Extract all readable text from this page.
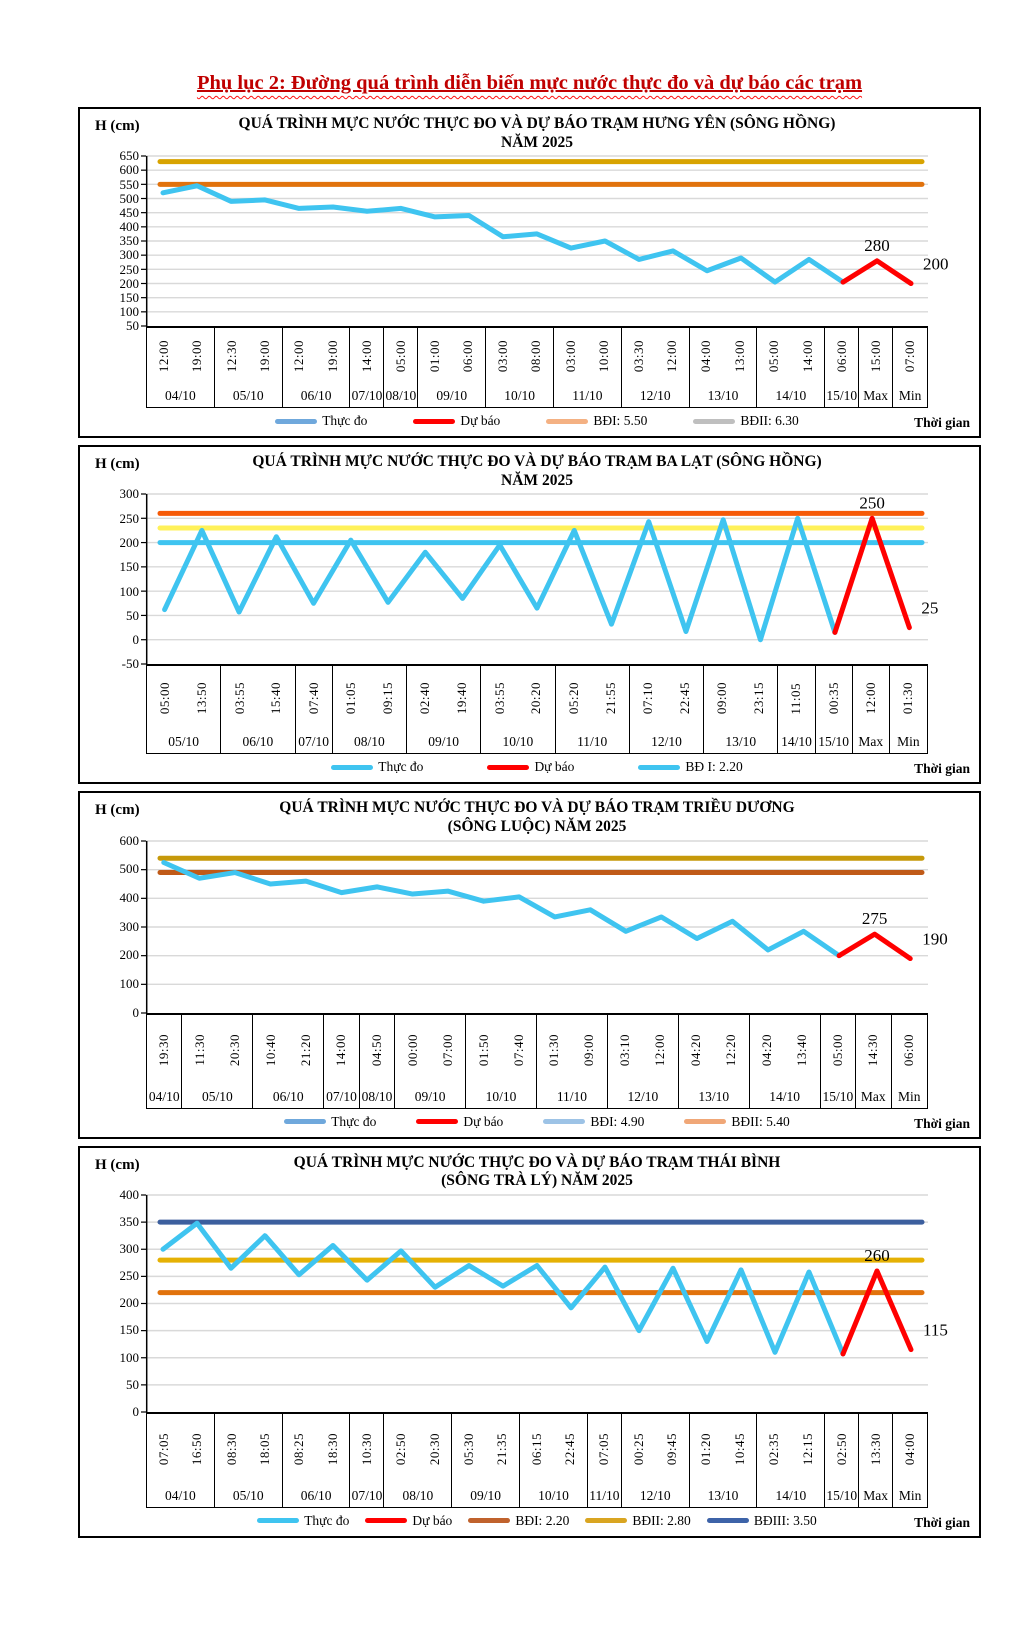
Phụ lục 2: Đường quá trình diễn biến mực nước thực đo và dự báo các trạm
H (cm)	QUÁ TRÌNH MỰC NƯỚC THỰC ĐO VÀ DỰ BÁO TRẠM HƯNG YÊN (SÔNG HỒNG)
NĂM 2025
650
600
550
500
450
400
350
300
250
200
150
100
50
280
200
12:00 19:00
04/10
12:30 19:00
05/10
12:00 19:00
06/10
14:00
07/10
05:00
08/10
01:00 06:00
09/10
03:00 08:00
10/10
03:00 10:00
11/10
03:30 12:00
12/10
04:00 13:00
13/10
05:00 14:00
14/10
06:00
15/10
15:00
Max
07:00
Min
Thực đo	Dự báo	BĐI: 5.50	BĐII: 6.30	Thời gian
H (cm)	QUÁ TRÌNH MỰC NƯỚC THỰC ĐO VÀ DỰ BÁO TRẠM BA LẠT (SÔNG HỒNG)
NĂM 2025
300
250
200
150
100
50
0
-50
250
25
05:00 13:50
05/10
03:55 15:40
06/10
07:40
07/10
01:05 09:15
08/10
02:40 19:40
09/10
03:55 20:20
10/10
05:20 21:55
11/10
07:10 22:45
12/10
09:00 23:15
13/10
11:05
14/10
00:35
15/10
12:00
Max
01:30
Min
Thực đo	Dự báo	BĐ I: 2.20	Thời gian
H (cm)	QUÁ TRÌNH MỰC NƯỚC THỰC ĐO VÀ DỰ BÁO TRẠM TRIỀU DƯƠNG
(SÔNG LUỘC) NĂM 2025
600
500
400
300
200
100
0
275
190
19:30
04/10
11:30 20:30
05/10
10:40 21:20
06/10
14:00
07/10
04:50
08/10
00:00 07:00
09/10
01:50 07:40
10/10
01:30 09:00
11/10
03:10 12:00
12/10
04:20 12:20
13/10
04:20 13:40
14/10
05:00
15/10
14:30
Max
06:00
Min
Thực đo	Dự báo	BĐI: 4.90	BĐII: 5.40	Thời gian
H (cm)	QUÁ TRÌNH MỰC NƯỚC THỰC ĐO VÀ DỰ BÁO TRẠM THÁI BÌNH
(SÔNG TRÀ LÝ) NĂM 2025
400
350
300
250
200
150
100
50
0
260
115
07:05 16:50
04/10
08:30 18:05
05/10
08:25 18:30
06/10
10:30
07/10
02:50 20:30
08/10
05:30 21:35
09/10
06:15 22:45
10/10
07:05
11/10
00:25 09:45
12/10
01:20 10:45
13/10
02:35 12:15
14/10
02:50
15/10
13:30
Max
04:00
Min
Thực đo	Dự báo	BĐI: 2.20	BĐII: 2.80	BĐIII: 3.50	Thời gian
